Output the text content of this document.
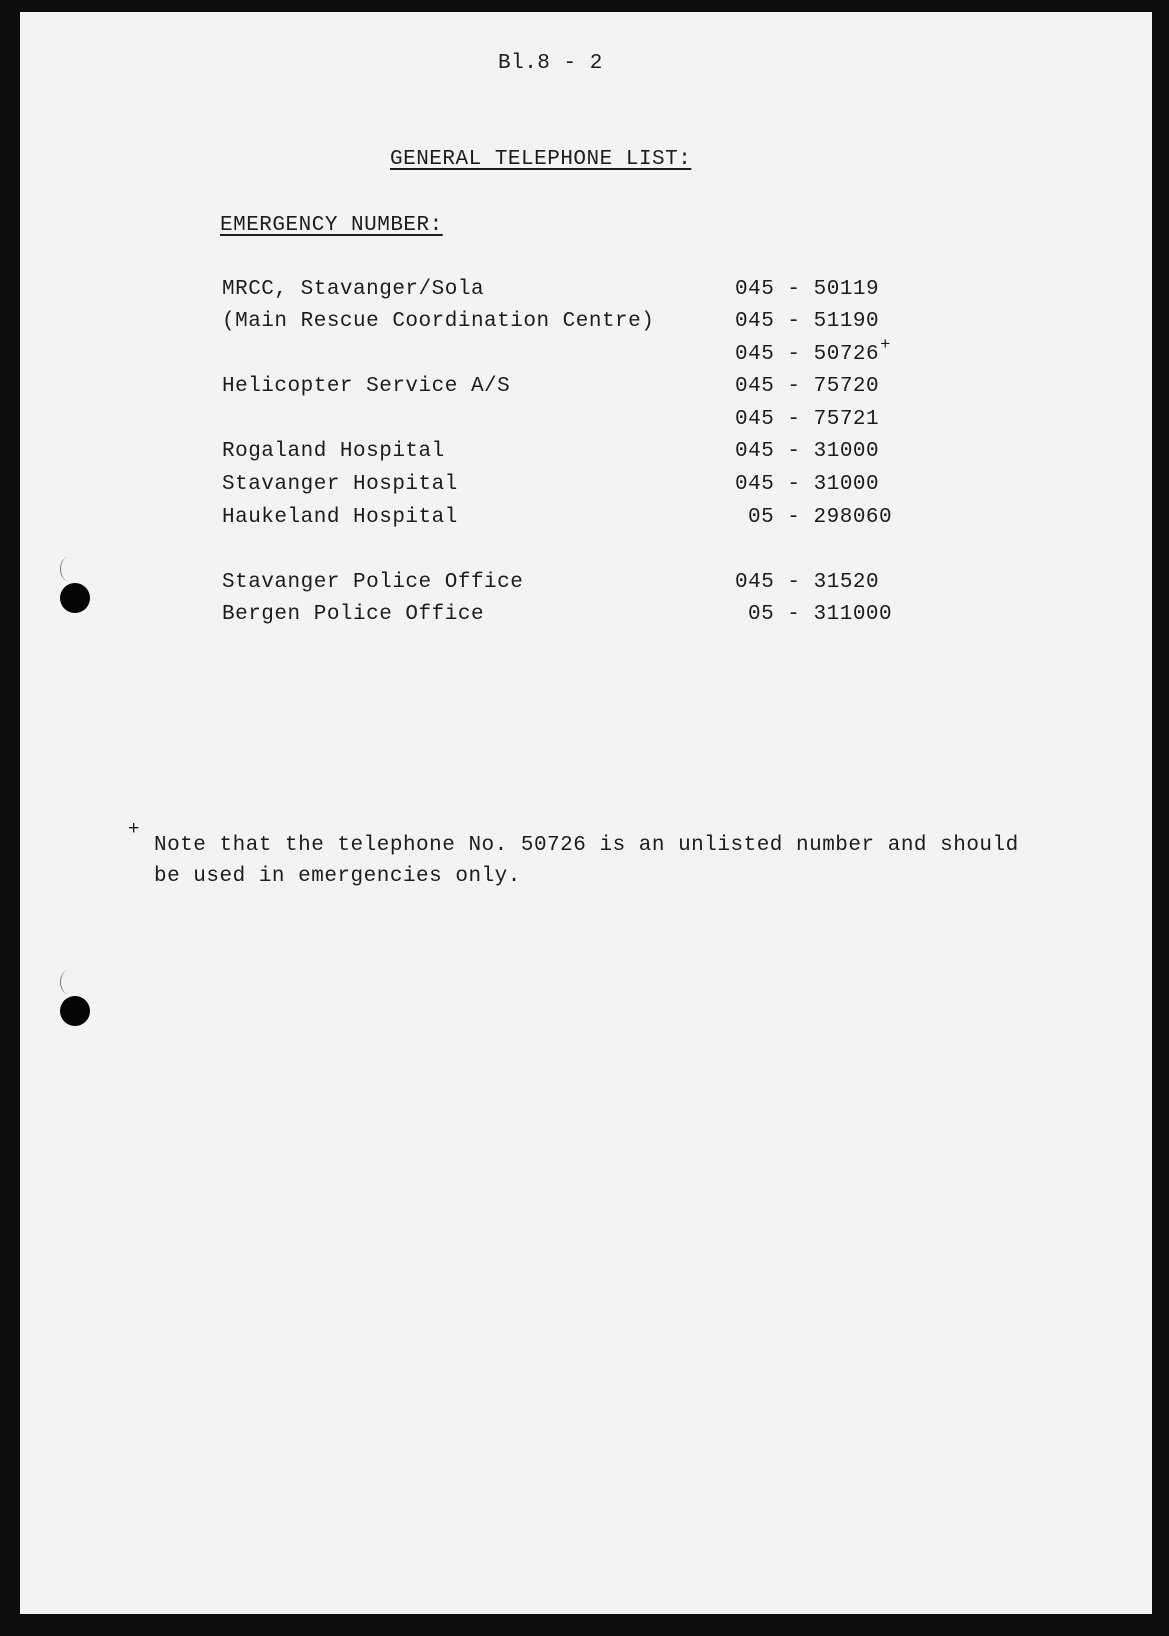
Bl.8 - 2
GENERAL TELEPHONE LIST:
EMERGENCY NUMBER:
MRCC, Stavanger/Sola	045 - 50119
(Main Rescue Coordination Centre)	045 - 51190
045 - 50726+
Helicopter Service A/S	045 - 75720
045 - 75721
Rogaland Hospital	045 - 31000
Stavanger Hospital	045 - 31000
Haukeland Hospital	05 - 298060
Stavanger Police Office	045 - 31520
Bergen Police Office	05 - 311000
+
Note that the telephone No. 50726 is an unlisted number and should be used in emergencies only.
